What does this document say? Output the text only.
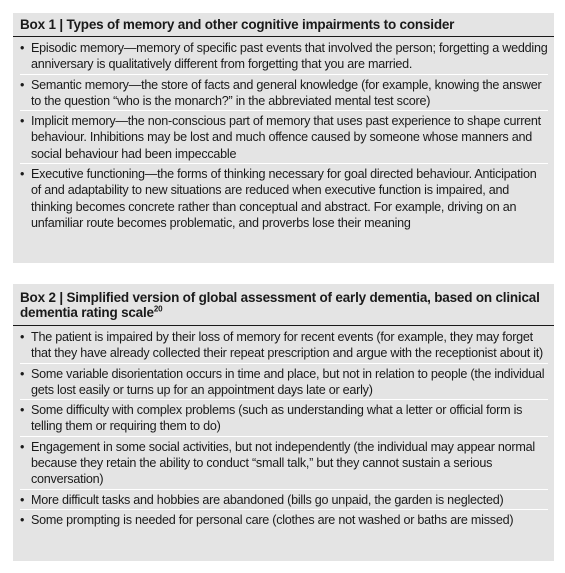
Box 1 | Types of memory and other cognitive impairments to consider
• Episodic memory—memory of specific past events that involved the person; forgetting a wedding anniversary is qualitatively different from forgetting that you are married.
• Semantic memory—the store of facts and general knowledge (for example, knowing the answer to the question “who is the monarch?” in the abbreviated mental test score)
• Implicit memory—the non-conscious part of memory that uses past experience to shape current behaviour. Inhibitions may be lost and much offence caused by someone whose manners and social behaviour had been impeccable
• Executive functioning—the forms of thinking necessary for goal directed behaviour. Anticipation of and adaptability to new situations are reduced when executive function is impaired, and thinking becomes concrete rather than conceptual and abstract. For example, driving on an unfamiliar route becomes problematic, and proverbs lose their meaning
Box 2 | Simplified version of global assessment of early dementia, based on clinical dementia rating scale$^{20}$
• The patient is impaired by their loss of memory for recent events (for example, they may forget that they have already collected their repeat prescription and argue with the receptionist about it)
• Some variable disorientation occurs in time and place, but not in relation to people (the individual gets lost easily or turns up for an appointment days late or early)
• Some difficulty with complex problems (such as understanding what a letter or official form is telling them or requiring them to do)
• Engagement in some social activities, but not independently (the individual may appear normal because they retain the ability to conduct “small talk,” but they cannot sustain a serious conversation)
• More difficult tasks and hobbies are abandoned (bills go unpaid, the garden is neglected)
• Some prompting is needed for personal care (clothes are not washed or baths are missed)
